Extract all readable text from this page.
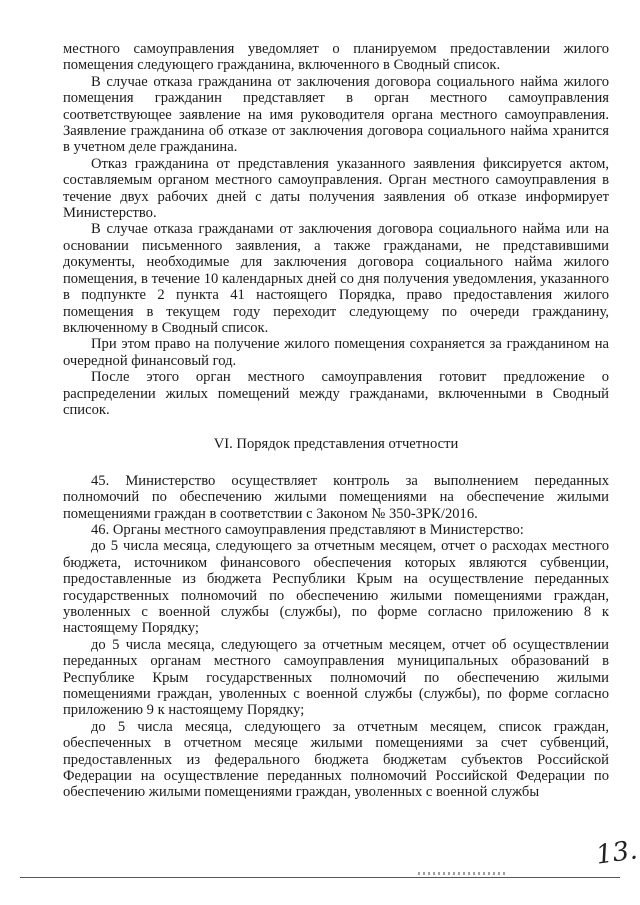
местного самоуправления уведомляет о планируемом предоставлении жилого помещения следующего гражданина, включенного в Сводный список.

В случае отказа гражданина от заключения договора социального найма жилого помещения гражданин представляет в орган местного самоуправления соответствующее заявление на имя руководителя органа местного самоуправления. Заявление гражданина об отказе от заключения договора социального найма хранится в учетном деле гражданина.

Отказ гражданина от представления указанного заявления фиксируется актом, составляемым органом местного самоуправления. Орган местного самоуправления в течение двух рабочих дней с даты получения заявления об отказе информирует Министерство.

В случае отказа гражданами от заключения договора социального найма или на основании письменного заявления, а также гражданами, не представившими документы, необходимые для заключения договора социального найма жилого помещения, в течение 10 календарных дней со дня получения уведомления, указанного в подпункте 2 пункта 41 настоящего Порядка, право предоставления жилого помещения в текущем году переходит следующему по очереди гражданину, включенному в Сводный список.

При этом право на получение жилого помещения сохраняется за гражданином на очередной финансовый год.

После этого орган местного самоуправления готовит предложение о распределении жилых помещений между гражданами, включенными в Сводный список.

VI. Порядок представления отчетности

45. Министерство осуществляет контроль за выполнением переданных полномочий по обеспечению жилыми помещениями на обеспечение жилыми помещениями граждан в соответствии с Законом № 350-ЗРК/2016.

46. Органы местного самоуправления представляют в Министерство:

до 5 числа месяца, следующего за отчетным месяцем, отчет о расходах местного бюджета, источником финансового обеспечения которых являются субвенции, предоставленные из бюджета Республики Крым на осуществление переданных государственных полномочий по обеспечению жилыми помещениями граждан, уволенных с военной службы (службы), по форме согласно приложению 8 к настоящему Порядку;

до 5 числа месяца, следующего за отчетным месяцем, отчет об осуществлении переданных органам местного самоуправления муниципальных образований в Республике Крым государственных полномочий по обеспечению жилыми помещениями граждан, уволенных с военной службы (службы), по форме согласно приложению 9 к настоящему Порядку;

до 5 числа месяца, следующего за отчетным месяцем, список граждан, обеспеченных в отчетном месяце жилыми помещениями за счет субвенций, предоставленных из федерального бюджета бюджетам субъектов Российской Федерации на осуществление переданных полномочий Российской Федерации по обеспечению жилыми помещениями граждан, уволенных с военной службы

13.
